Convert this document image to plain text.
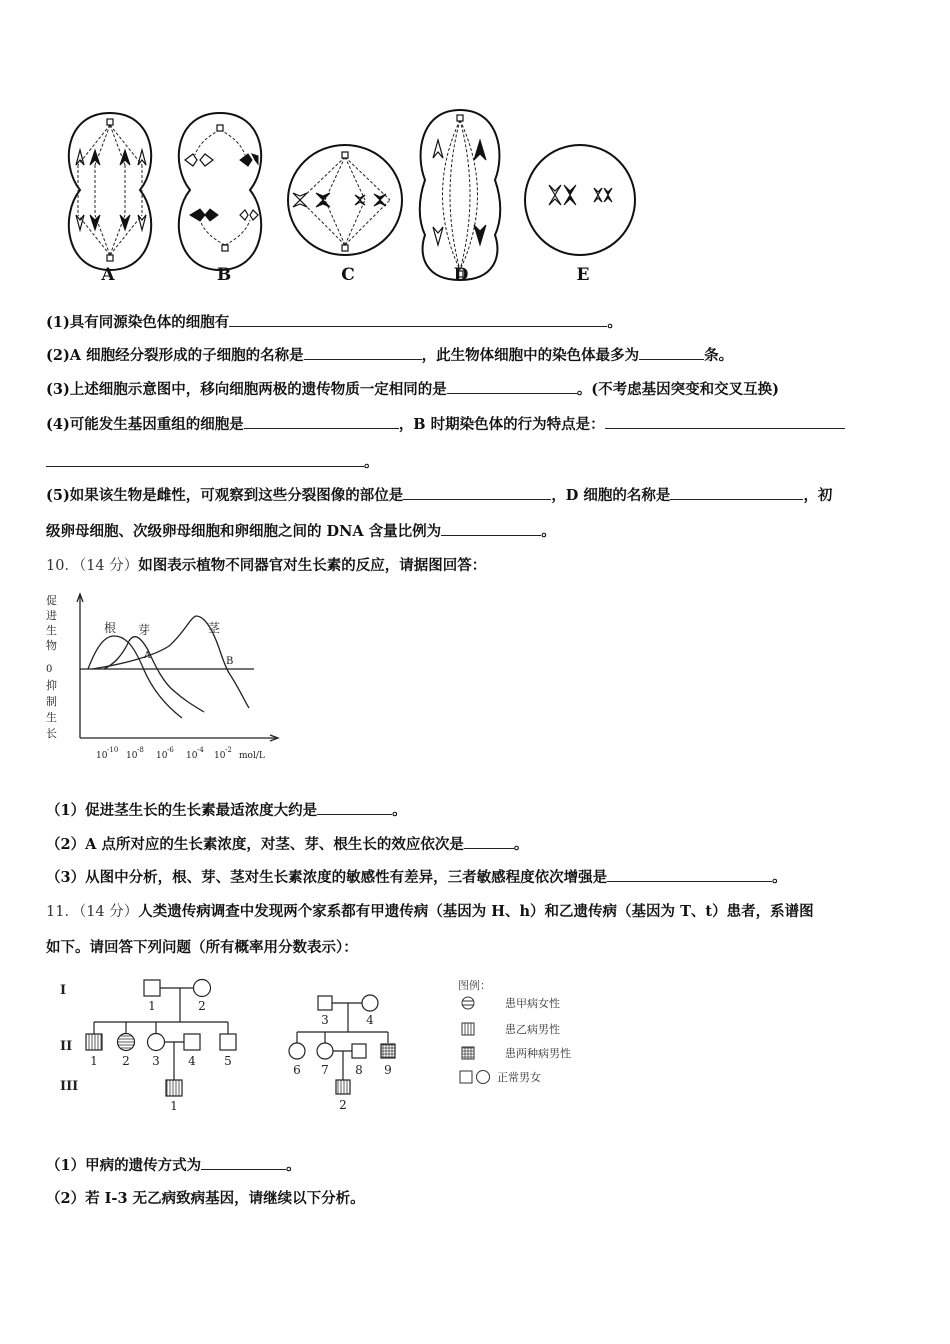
A	B	C	D	E
(1)具有同源染色体的细胞有	。
(2)A 细胞经分裂形成的子细胞的名称是	，此生物体细胞中的染色体最多为	条。
(3)上述细胞示意图中，移向细胞两极的遗传物质一定相同的是	。(不考虑基因突变和交叉互换)
(4)可能发生基因重组的细胞是	，B 时期染色体的行为特点是：
。
(5)如果该生物是雌性，可观察到这些分裂图像的部位是	，D 细胞的名称是	，初
级卵母细胞、次级卵母细胞和卵细胞之间的 DNA 含量比例为	。
10．（14 分）如图表示植物不同器官对生长素的反应，请据图回答：
促
进
生
物
0
抑
制
生
长
根 芽	茎
A	B
10
-10
10
-8
10
-6
10
-4
10
-2
mol/L
（1）促进茎生长的生长素最适浓度大约是	。
（2）A 点所对应的生长素浓度，对茎、芽、根生长的效应依次是	。
（3）从图中分析，根、芽、茎对生长素浓度的敏感性有差异，三者敏感程度依次增强是	。
11．（14 分）人类遗传病调查中发现两个家系都有甲遗传病（基因为 H、h）和乙遗传病（基因为 T、t）患者，系谱图
如下。请回答下列问题（所有概率用分数表示）：
I
II
III
1	2
1 2 3 4 5
1
3	4
6 7 8 9
2
图例：
患甲病女性
患乙病男性
患两种病男性
正常男女
（1）甲病的遗传方式为	。
（2）若 I-3 无乙病致病基因，请继续以下分析。
